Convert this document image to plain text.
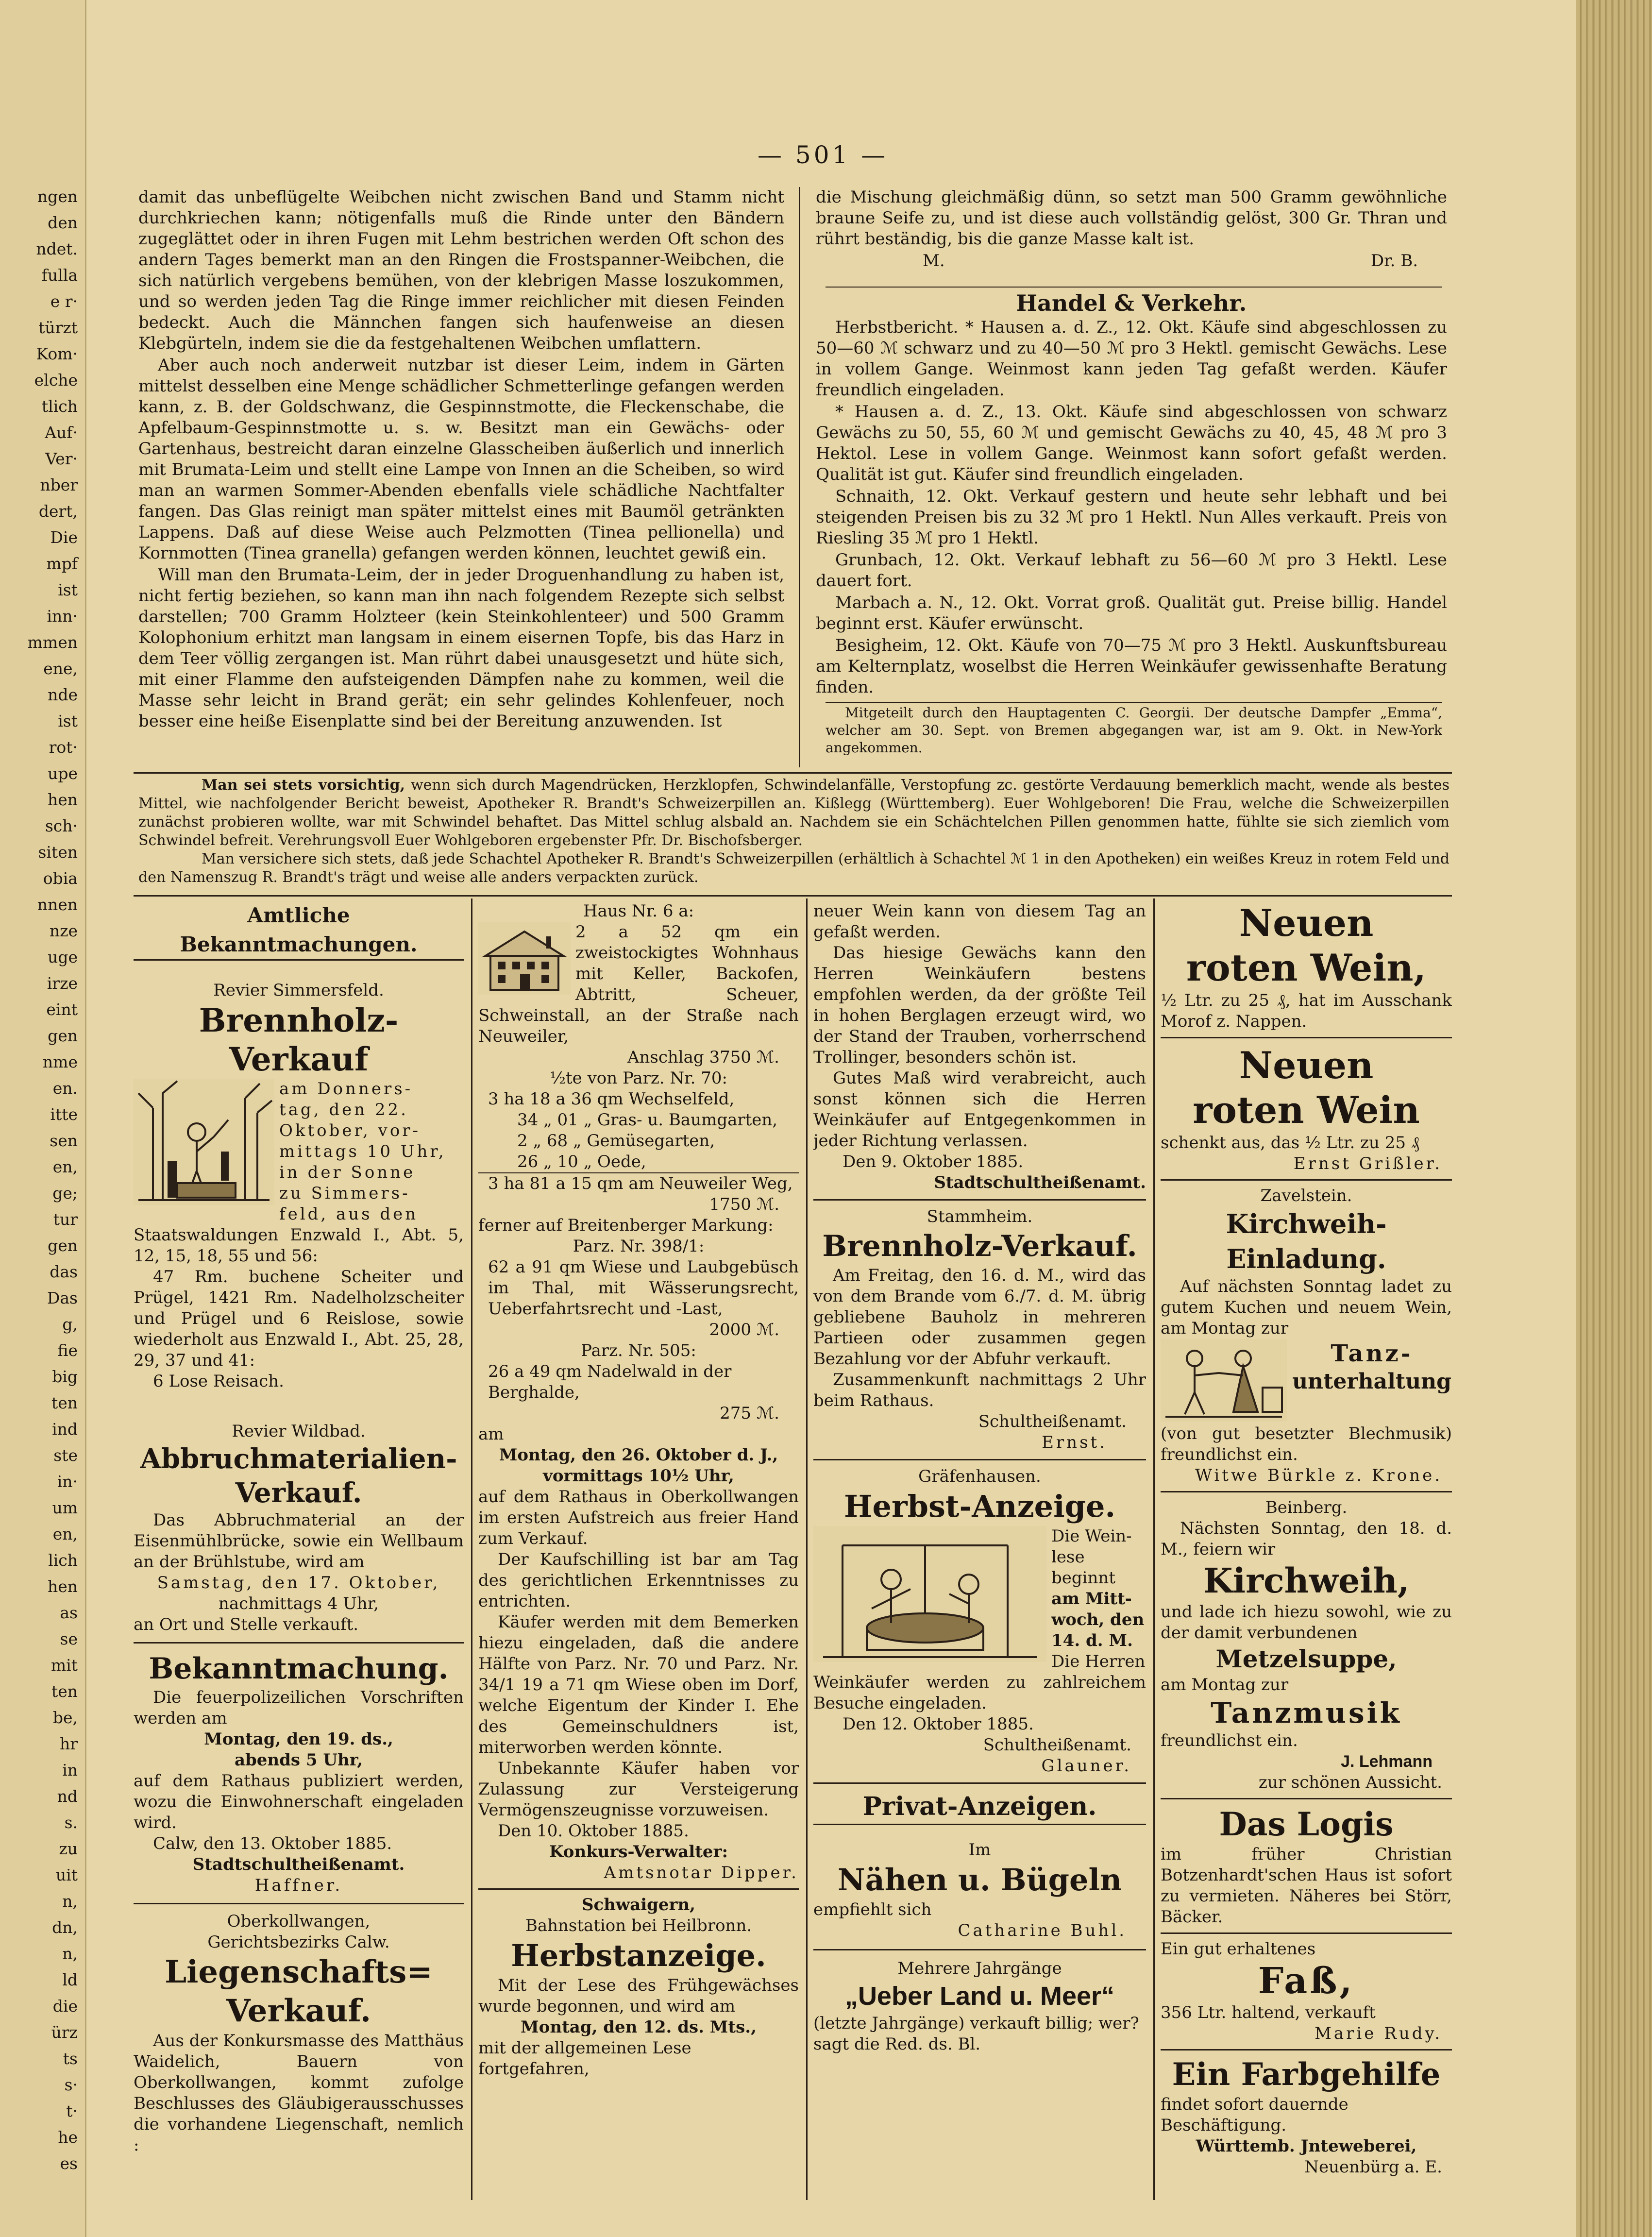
ngen
den
ndet.
fulla
e r·
türzt
Kom·
elche
tlich
Auf·
Ver·
nber
dert,
Die
mpf
ist
inn·
mmen
ene,
nde
ist
rot·
upe
hen
sch·
siten
obia
nnen
nze
uge
irze
eint
gen
nme
en.
itte
sen
en,
ge;
tur
gen
das
Das
g,
fie
big
ten
ind
ste
in·
um
en,
lich
hen
as
se
mit
ten
be,
hr
in
nd
s.
zu
uit
n,
dn,
n,
ld
die
ürz
ts
s·
t·
he
es
— 501 —

damit das unbeflügelte Weibchen nicht zwischen Band und Stamm nicht durchkriechen kann; nötigenfalls muß die Rinde unter den Bändern zugeglättet oder in ihren Fugen mit Lehm bestrichen werden Oft schon des andern Tages bemerkt man an den Ringen die Frostspanner-Weibchen, die sich natürlich vergebens bemühen, von der klebrigen Masse loszukommen, und so werden jeden Tag die Ringe immer reichlicher mit diesen Feinden bedeckt. Auch die Männchen fangen sich haufenweise an diesen Klebgürteln, indem sie die da festgehaltenen Weibchen umflattern.

Aber auch noch anderweit nutzbar ist dieser Leim, indem in Gärten mittelst desselben eine Menge schädlicher Schmetterlinge gefangen werden kann, z. B. der Goldschwanz, die Gespinnstmotte, die Fleckenschabe, die Apfelbaum-Gespinnstmotte u. s. w. Besitzt man ein Gewächs- oder Gartenhaus, bestreicht daran einzelne Glasscheiben äußerlich und innerlich mit Brumata-Leim und stellt eine Lampe von Innen an die Scheiben, so wird man an warmen Sommer-Abenden ebenfalls viele schädliche Nachtfalter fangen. Das Glas reinigt man später mittelst eines mit Baumöl getränkten Lappens. Daß auf diese Weise auch Pelzmotten (Tinea pellionella) und Kornmotten (Tinea granella) gefangen werden können, leuchtet gewiß ein.

Will man den Brumata-Leim, der in jeder Droguenhandlung zu haben ist, nicht fertig beziehen, so kann man ihn nach folgendem Rezepte sich selbst darstellen; 700 Gramm Holzteer (kein Steinkohlenteer) und 500 Gramm Kolophonium erhitzt man langsam in einem eisernen Topfe, bis das Harz in dem Teer völlig zergangen ist. Man rührt dabei unausgesetzt und hüte sich, mit einer Flamme den aufsteigenden Dämpfen nahe zu kommen, weil die Masse sehr leicht in Brand gerät; ein sehr gelindes Kohlenfeuer, noch besser eine heiße Eisenplatte sind bei der Bereitung anzuwenden. Ist

die Mischung gleichmäßig dünn, so setzt man 500 Gramm gewöhnliche braune Seife zu, und ist diese auch vollständig gelöst, 300 Gr. Thran und rührt beständig, bis die ganze Masse kalt ist.

M.	Dr. B.
Handel & Verkehr.

Herbstbericht. * Hausen a. d. Z., 12. Okt. Käufe sind abgeschlossen zu 50—60 ℳ schwarz und zu 40—50 ℳ pro 3 Hektl. gemischt Gewächs. Lese in vollem Gange. Weinmost kann jeden Tag gefaßt werden. Käufer freundlich eingeladen.

* Hausen a. d. Z., 13. Okt. Käufe sind abgeschlossen von schwarz Gewächs zu 50, 55, 60 ℳ und gemischt Gewächs zu 40, 45, 48 ℳ pro 3 Hektol. Lese in vollem Gange. Weinmost kann sofort gefaßt werden. Qualität ist gut. Käufer sind freundlich eingeladen.

Schnaith, 12. Okt. Verkauf gestern und heute sehr lebhaft und bei steigenden Preisen bis zu 32 ℳ pro 1 Hektl. Nun Alles verkauft. Preis von Riesling 35 ℳ pro 1 Hektl.

Grunbach, 12. Okt. Verkauf lebhaft zu 56—60 ℳ pro 3 Hektl. Lese dauert fort.

Marbach a. N., 12. Okt. Vorrat groß. Qualität gut. Preise billig. Handel beginnt erst. Käufer erwünscht.

Besigheim, 12. Okt. Käufe von 70—75 ℳ pro 3 Hektl. Auskunftsbureau am Kelternplatz, woselbst die Herren Weinkäufer gewissenhafte Beratung finden.

Mitgeteilt durch den Hauptagenten C. Georgii. Der deutsche Dampfer „Emma“, welcher am 30. Sept. von Bremen abgegangen war, ist am 9. Okt. in New-York angekommen.

Man sei stets vorsichtig, wenn sich durch Magendrücken, Herzklopfen, Schwindelanfälle, Verstopfung zc. gestörte Verdauung bemerklich macht, wende als bestes Mittel, wie nachfolgender Bericht beweist, Apotheker R. Brandt's Schweizerpillen an. Kißlegg (Württemberg). Euer Wohlgeboren! Die Frau, welche die Schweizerpillen zunächst probieren wollte, war mit Schwindel behaftet. Das Mittel schlug alsbald an. Nachdem sie ein Schächtelchen Pillen genommen hatte, fühlte sie sich ziemlich vom Schwindel befreit. Verehrungsvoll Euer Wohlgeboren ergebenster Pfr. Dr. Bischofsberger.

Man versichere sich stets, daß jede Schachtel Apotheker R. Brandt's Schweizerpillen (erhältlich à Schachtel ℳ 1 in den Apotheken) ein weißes Kreuz in rotem Feld und den Namenszug R. Brandt's trägt und weise alle anders verpackten zurück.

Amtliche Bekanntmachungen.
Revier Simmersfeld.
Brennholz-Verkauf
am Donners-
tag, den 22.
Oktober, vor-
mittags 10 Uhr,
in der Sonne
zu Simmers-
feld, aus den
Staatswaldungen Enzwald I., Abt. 5, 12, 15, 18, 55 und 56:
47 Rm. buchene Scheiter und Prügel, 1421 Rm. Nadelholzscheiter und Prügel und 6 Reislose, sowie wiederholt aus Enzwald I., Abt. 25, 28, 29, 37 und 41:
6 Lose Reisach.
Revier Wildbad.
Abbruchmaterialien-
Verkauf.
Das Abbruchmaterial an der Eisenmühlbrücke, sowie ein Wellbaum an der Brühlstube, wird am
Samstag, den 17. Oktober,
nachmittags 4 Uhr,
an Ort und Stelle verkauft.
Bekanntmachung.
Die feuerpolizeilichen Vorschriften werden am
Montag, den 19. ds.,
abends 5 Uhr,
auf dem Rathaus publiziert werden, wozu die Einwohnerschaft eingeladen wird.
Calw, den 13. Oktober 1885.
Stadtschultheißenamt.
Haffner.
Oberkollwangen,
Gerichtsbezirks Calw.
Liegenschafts=
Verkauf.
Aus der Konkursmasse des Matthäus Waidelich, Bauern von Oberkollwangen, kommt zufolge Beschlusses des Gläubigerausschusses die vorhandene Liegenschaft, nemlich :
Haus Nr. 6 a:
2 a 52 qm ein zweistockigtes Wohnhaus mit Keller, Backofen, Abtritt, Scheuer, Schweinstall, an der Straße nach Neuweiler,
Anschlag 3750 ℳ.
½te von Parz. Nr. 70:
3 ha 18 a 36 qm Wechselfeld,
34 „ 01 „ Gras- u. Baumgarten,
2 „ 68 „ Gemüsegarten,
26 „ 10 „ Oede,
3 ha 81 a 15 qm am Neuweiler Weg,
1750 ℳ.
ferner auf Breitenberger Markung:
Parz. Nr. 398/1:
62 a 91 qm Wiese und Laubgebüsch im Thal, mit Wässerungsrecht, Ueberfahrtsrecht und -Last,
2000 ℳ.
Parz. Nr. 505:
26 a 49 qm Nadelwald in der Berghalde,
275 ℳ.
am
Montag, den 26. Oktober d. J.,
vormittags 10½ Uhr,
auf dem Rathaus in Oberkollwangen im ersten Aufstreich aus freier Hand zum Verkauf.
Der Kaufschilling ist bar am Tag des gerichtlichen Erkenntnisses zu entrichten.
Käufer werden mit dem Bemerken hiezu eingeladen, daß die andere Hälfte von Parz. Nr. 70 und Parz. Nr. 34/1 19 a 71 qm Wiese oben im Dorf, welche Eigentum der Kinder I. Ehe des Gemeinschuldners ist, miterworben werden könnte.
Unbekannte Käufer haben vor Zulassung zur Versteigerung Vermögenszeugnisse vorzuweisen.
Den 10. Oktober 1885.
Konkurs-Verwalter:
Amtsnotar Dipper.
Schwaigern,
Bahnstation bei Heilbronn.
Herbstanzeige.
Mit der Lese des Frühgewächses wurde begonnen, und wird am
Montag, den 12. ds. Mts.,
mit der allgemeinen Lese fortgefahren,
neuer Wein kann von diesem Tag an gefaßt werden.
Das hiesige Gewächs kann den Herren Weinkäufern bestens empfohlen werden, da der größte Teil in hohen Berglagen erzeugt wird, wo der Stand der Trauben, vorherrschend Trollinger, besonders schön ist.
Gutes Maß wird verabreicht, auch sonst können sich die Herren Weinkäufer auf Entgegenkommen in jeder Richtung verlassen.
Den 9. Oktober 1885.
Stadtschultheißenamt.
Stammheim.
Brennholz-Verkauf.
Am Freitag, den 16. d. M., wird das von dem Brande vom 6./7. d. M. übrig gebliebene Bauholz in mehreren Partieen oder zusammen gegen Bezahlung vor der Abfuhr verkauft.
Zusammenkunft nachmittags 2 Uhr beim Rathaus.
Schultheißenamt.
Ernst.
Gräfenhausen.
Herbst-Anzeige.
Die Wein-
lese beginnt
am Mitt-
woch, den
14. d. M.
Die Herren
Weinkäufer werden zu zahlreichem Besuche eingeladen.
Den 12. Oktober 1885.
Schultheißenamt.
Glauner.
Privat-Anzeigen.
Im
Nähen u. Bügeln
empfiehlt sich
Catharine Buhl.
Mehrere Jahrgänge
„Ueber Land u. Meer“
(letzte Jahrgänge) verkauft billig; wer? sagt die Red. ds. Bl.
Neuen
roten Wein,
½ Ltr. zu 25 ₰, hat im Ausschank Morof z. Nappen.
Neuen
roten Wein
schenkt aus, das ½ Ltr. zu 25 ₰
Ernst Grißler.
Zavelstein.
Kirchweih-Einladung.
Auf nächsten Sonntag ladet zu gutem Kuchen und neuem Wein, am Montag zur
Tanz-
unterhaltung
(von gut besetzter Blechmusik) freundlichst ein.
Witwe Bürkle z. Krone.
Beinberg.
Nächsten Sonntag, den 18. d. M., feiern wir
Kirchweih,
und lade ich hiezu sowohl, wie zu der damit verbundenen
Metzelsuppe,
am Montag zur
Tanzmusik
freundlichst ein.
J. Lehmann
zur schönen Aussicht.
Das Logis
im früher Christian Botzenhardt'schen Haus ist sofort zu vermieten. Näheres bei Störr, Bäcker.
Ein gut erhaltenes
Faß,
356 Ltr. haltend, verkauft
Marie Rudy.
Ein Farbgehilfe
findet sofort dauernde Beschäftigung.
Württemb. Jnteweberei,
Neuenbürg a. E.
